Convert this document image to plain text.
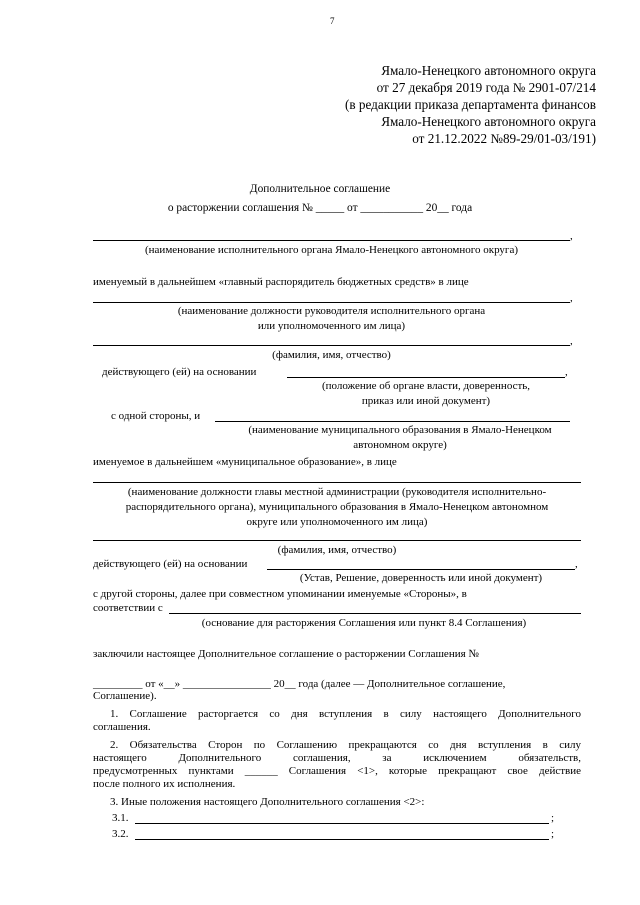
7
Ямало-Ненецкого автономного округа
от 27 декабря 2019 года № 2901-07/214
(в редакции приказа департамента финансов
Ямало-Ненецкого автономного округа
от 21.12.2022 №89-29/01-03/191)
Дополнительное соглашение
о расторжении соглашения № _____ от ___________ 20__ года
,
(наименование исполнительного органа Ямало-Ненецкого автономного округа)
именуемый в дальнейшем «главный распорядитель бюджетных средств» в лице
,
(наименование должности руководителя исполнительного органа
или уполномоченного им лица)
,
(фамилия, имя, отчество)
действующего (ей) на основании	,
(положение об органе власти, доверенность,
приказ или иной документ)
с одной стороны, и
(наименование муниципального образования в Ямало-Ненецком
автономном округе)
именуемое в дальнейшем «муниципальное образование», в лице
(наименование должности главы местной администрации (руководителя исполнительно-
распорядительного органа), муниципального образования в Ямало-Ненецком автономном
округе или уполномоченного им лица)
(фамилия, имя, отчество)
действующего (ей) на основании	,
(Устав, Решение, доверенность или иной документ)
с другой стороны, далее при совместном упоминании именуемые «Стороны», в
соответствии с
(основание для расторжения Соглашения или пункт 8.4 Соглашения)
заключили настоящее Дополнительное соглашение о расторжении Соглашения №
_________ от «__» ________________ 20__ года (далее — Дополнительное соглашение,
Соглашение).
1. Соглашение расторгается со дня вступления в силу настоящего Дополнительного
соглашения.
2. Обязательства Сторон по Соглашению прекращаются со дня вступления в силу
настоящего Дополнительного соглашения, за исключением обязательств,
предусмотренных пунктами ______ Соглашения <1>, которые прекращают свое действие
после полного их исполнения.
3. Иные положения настоящего Дополнительного соглашения <2>:
3.1.	;
3.2.	;
